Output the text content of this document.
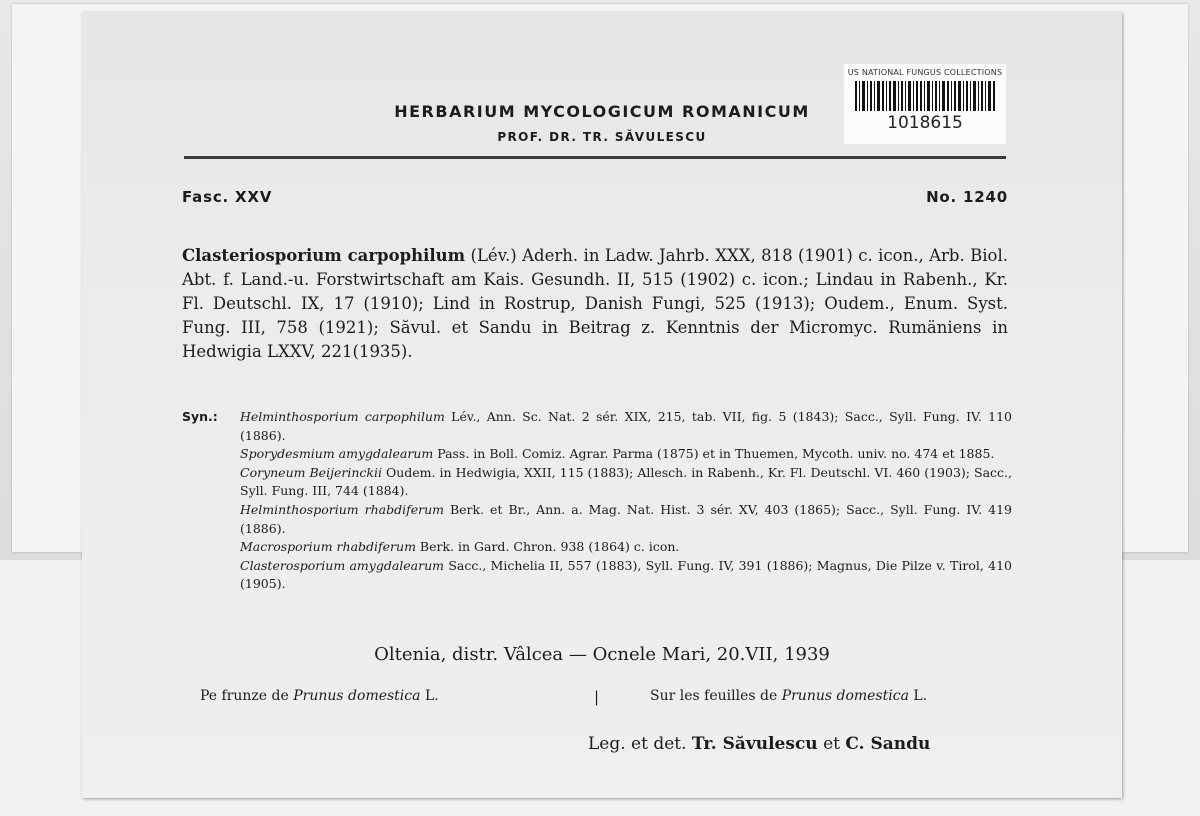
US NATIONAL FUNGUS COLLECTIONS
1018615
HERBARIUM MYCOLOGICUM ROMANICUM
PROF. DR. TR. SĂVULESCU
Fasc. XXV	No. 1240
Clasteriosporium carpophilum (Lév.) Aderh. in Ladw. Jahrb. XXX, 818 (1901) c. icon., Arb. Biol. Abt. f. Land.-u. Forstwirtschaft am Kais. Gesundh. II, 515 (1902) c. icon.; Lindau in Rabenh., Kr. Fl. Deutschl. IX, 17 (1910); Lind in Rostrup, Danish Fungi, 525 (1913); Oudem., Enum. Syst. Fung. III, 758 (1921); Săvul. et Sandu in Beitrag z. Kenntnis der Micromyc. Rumäniens in Hedwigia LXXV, 221(1935).
Syn.:	Helminthosporium carpophilum Lév., Ann. Sc. Nat. 2 sér. XIX, 215, tab. VII, fig. 5 (1843); Sacc., Syll. Fung. IV. 110 (1886).

Sporydesmium amygdalearum Pass. in Boll. Comiz. Agrar. Parma (1875) et in Thuemen, Mycoth. univ. no. 474 et 1885.

Coryneum Beijerinckii Oudem. in Hedwigia, XXII, 115 (1883); Allesch. in Rabenh., Kr. Fl. Deutschl. VI. 460 (1903); Sacc., Syll. Fung. III, 744 (1884).

Helminthosporium rhabdiferum Berk. et Br., Ann. a. Mag. Nat. Hist. 3 sér. XV, 403 (1865); Sacc., Syll. Fung. IV. 419 (1886).

Macrosporium rhabdiferum Berk. in Gard. Chron. 938 (1864) c. icon.

Clasterosporium amygdalearum Sacc., Michelia II, 557 (1883), Syll. Fung. IV, 391 (1886); Magnus, Die Pilze v. Tirol, 410 (1905).

Oltenia, distr. Vâlcea — Ocnele Mari, 20.VII, 1939
Pe frunze de Prunus domestica L.	|	Sur les feuilles de Prunus domestica L.
Leg. et det. Tr. Săvulescu et C. Sandu
